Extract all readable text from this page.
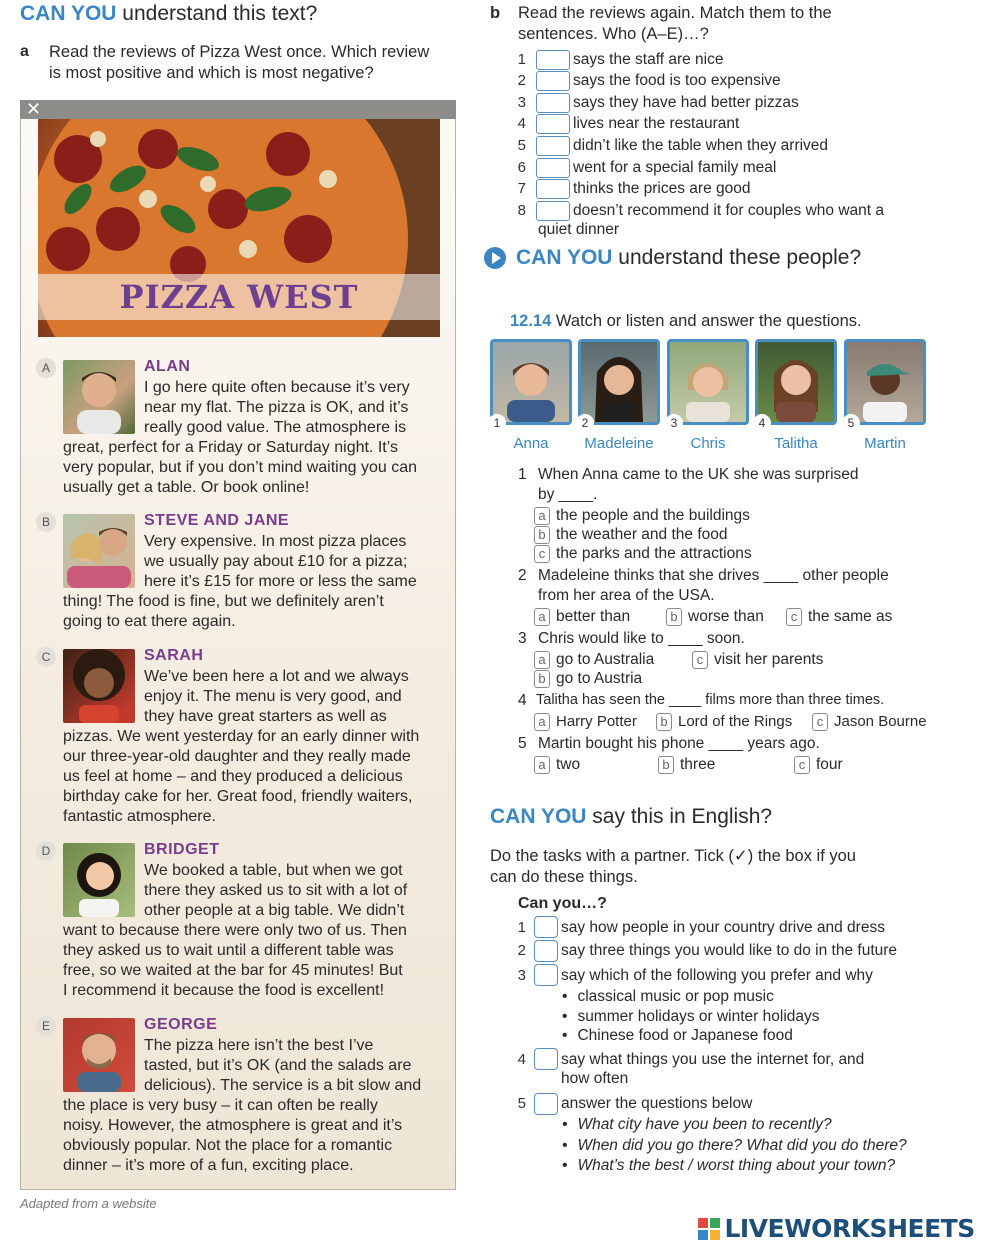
CAN YOU understand this text?
a Read the reviews of Pizza West once. Which review
is most positive and which is most negative?
✕
PIZZA WEST
A	ALAN
I go here quite often because it’s very
near my flat. The pizza is OK, and it’s
really good value. The atmosphere is
great, perfect for a Friday or Saturday night. It’s
very popular, but if you don’t mind waiting you can
usually get a table. Or book online!
B	STEVE AND JANE
Very expensive. In most pizza places
we usually pay about £10 for a pizza;
here it’s £15 for more or less the same
thing! The food is fine, but we definitely aren’t
going to eat there again.
C	SARAH
We’ve been here a lot and we always
enjoy it. The menu is very good, and
they have great starters as well as
pizzas. We went yesterday for an early dinner with
our three-year-old daughter and they really made
us feel at home – and they produced a delicious
birthday cake for her. Great food, friendly waiters,
fantastic atmosphere.
D	BRIDGET
We booked a table, but when we got
there they asked us to sit with a lot of
other people at a big table. We didn’t
want to because there were only two of us. Then
they asked us to wait until a different table was
free, so we waited at the bar for 45 minutes! But
I recommend it because the food is excellent!
E	GEORGE
The pizza here isn’t the best I’ve
tasted, but it’s OK (and the salads are
delicious). The service is a bit slow and
the place is very busy – it can often be really
noisy. However, the atmosphere is great and it’s
obviously popular. Not the place for a romantic
dinner – it’s more of a fun, exciting place.
Adapted from a website
b Read the reviews again. Match them to the
sentences. Who (A–E)…?
1	says the staff are nice
2	says the food is too expensive
3	says they have had better pizzas
4	lives near the restaurant
5	didn’t like the table when they arrived
6	went for a special family meal
7	thinks the prices are good
8	doesn’t recommend it for couples who want a
quiet dinner
CAN YOU understand these people?
12.14 Watch or listen and answer the questions.
1	2	3	4	5
Anna	Madeleine	Chris	Talitha	Martin
1 When Anna came to the UK she was surprised
by ____.
a the people and the buildings
b the weather and the food
c the parks and the attractions
2 Madeleine thinks that she drives ____ other people
from her area of the USA.
a better than	b worse than	c the same as
3 Chris would like to ____ soon.
a go to Australia	c visit her parents
b go to Austria
4 Talitha has seen the ____ films more than three times.
a Harry Potter	b Lord of the Rings	c Jason Bourne
5 Martin bought his phone ____ years ago.
a two	b three	c four
CAN YOU say this in English?
Do the tasks with a partner. Tick (✓) the box if you
can do these things.
Can you…?
1 say how people in your country drive and dress
2 say three things you would like to do in the future
3 say which of the following you prefer and why
• classical music or pop music
• summer holidays or winter holidays
• Chinese food or Japanese food
4 say what things you use the internet for, and
how often
5 answer the questions below
• What city have you been to recently?
• When did you go there? What did you do there?
• What’s the best / worst thing about your town?
LIVEWORKSHEETS
